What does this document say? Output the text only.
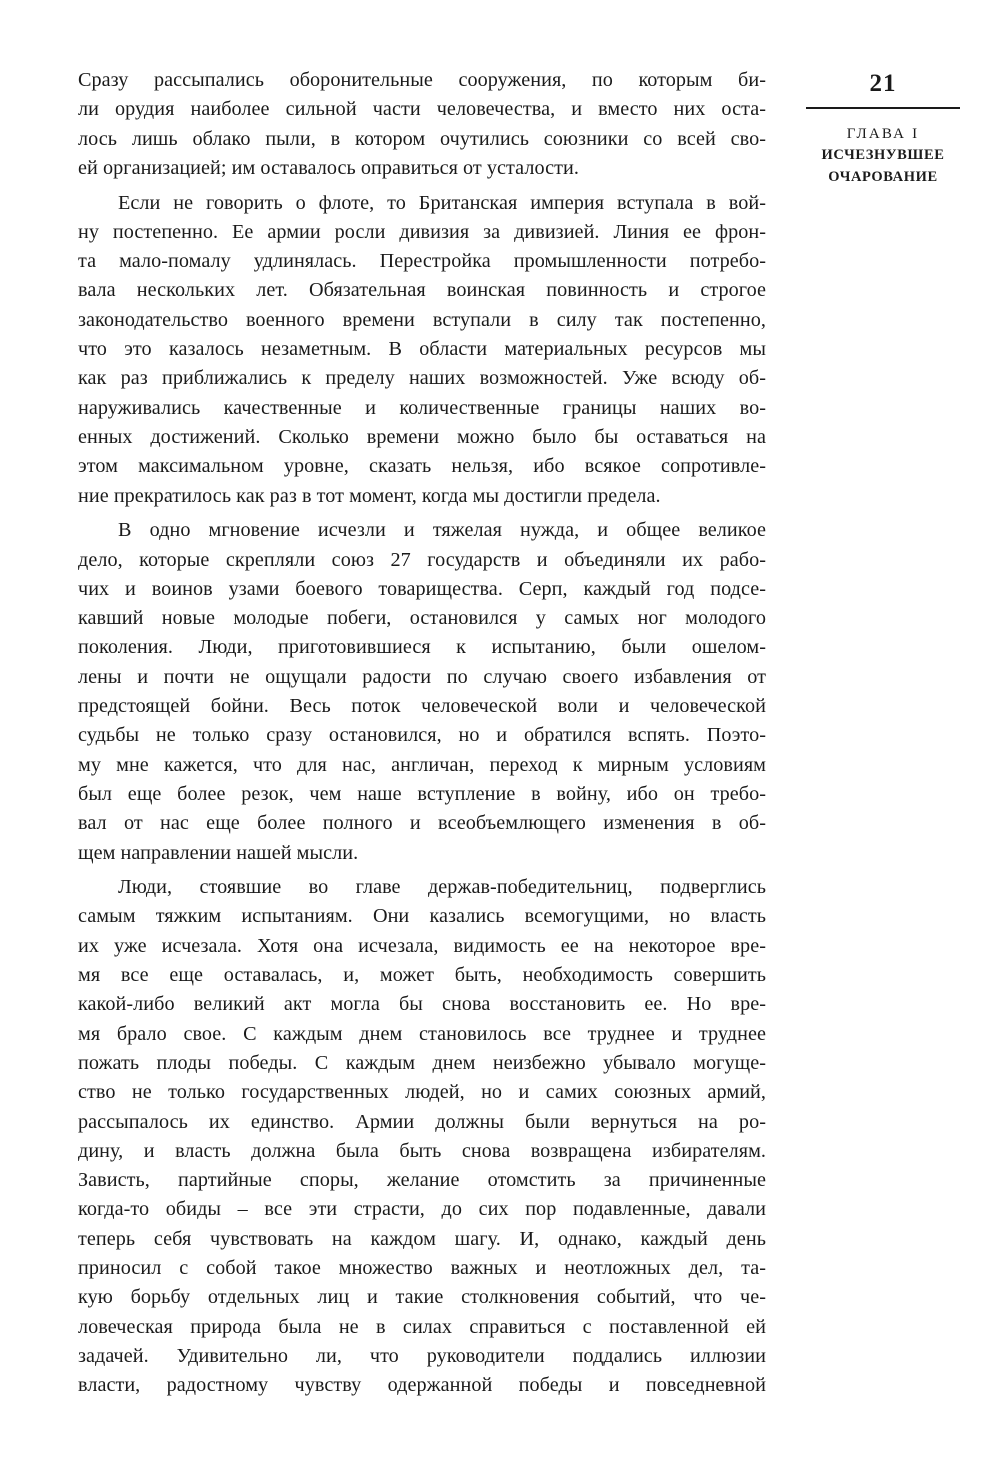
Сразу рассыпались оборонительные сооружения, по которым би-
ли орудия наиболее сильной части человечества, и вместо них оста-
лось лишь облако пыли, в котором очутились союзники со всей сво-
ей организацией; им оставалось оправиться от усталости.
Если не говорить о флоте, то Британская империя вступала в вой-
ну постепенно. Ее армии росли дивизия за дивизией. Линия ее фрон-
та мало-помалу удлинялась. Перестройка промышленности потребо-
вала нескольких лет. Обязательная воинская повинность и строгое
законодательство военного времени вступали в силу так постепенно,
что это казалось незаметным. В области материальных ресурсов мы
как раз приближались к пределу наших возможностей. Уже всюду об-
наруживались качественные и количественные границы наших во-
енных достижений. Сколько времени можно было бы оставаться на
этом максимальном уровне, сказать нельзя, ибо всякое сопротивле-
ние прекратилось как раз в тот момент, когда мы достигли предела.
В одно мгновение исчезли и тяжелая нужда, и общее великое
дело, которые скрепляли союз 27 государств и объединяли их рабо-
чих и воинов узами боевого товарищества. Серп, каждый год подсе-
кавший новые молодые побеги, остановился у самых ног молодого
поколения. Люди, приготовившиеся к испытанию, были ошелом-
лены и почти не ощущали радости по случаю своего избавления от
предстоящей бойни. Весь поток человеческой воли и человеческой
судьбы не только сразу остановился, но и обратился вспять. Поэто-
му мне кажется, что для нас, англичан, переход к мирным условиям
был еще более резок, чем наше вступление в войну, ибо он требо-
вал от нас еще более полного и всеобъемлющего изменения в об-
щем направлении нашей мысли.
Люди, стоявшие во главе держав-победительниц, подверглись
самым тяжким испытаниям. Они казались всемогущими, но власть
их уже исчезала. Хотя она исчезала, видимость ее на некоторое вре-
мя все еще оставалась, и, может быть, необходимость совершить
какой-либо великий акт могла бы снова восстановить ее. Но вре-
мя брало свое. С каждым днем становилось все труднее и труднее
пожать плоды победы. С каждым днем неизбежно убывало могуще-
ство не только государственных людей, но и самих союзных армий,
рассыпалось их единство. Армии должны были вернуться на ро-
дину, и власть должна была быть снова возвращена избирателям.
Зависть, партийные споры, желание отомстить за причиненные
когда-то обиды – все эти страсти, до сих пор подавленные, давали
теперь себя чувствовать на каждом шагу. И, однако, каждый день
приносил с собой такое множество важных и неотложных дел, та-
кую борьбу отдельных лиц и такие столкновения событий, что че-
ловеческая природа была не в силах справиться с поставленной ей
задачей. Удивительно ли, что руководители поддались иллюзии
власти, радостному чувству одержанной победы и повседневной
21
ГЛАВА I
ИСЧЕЗНУВШЕЕ
ОЧАРОВАНИЕ
